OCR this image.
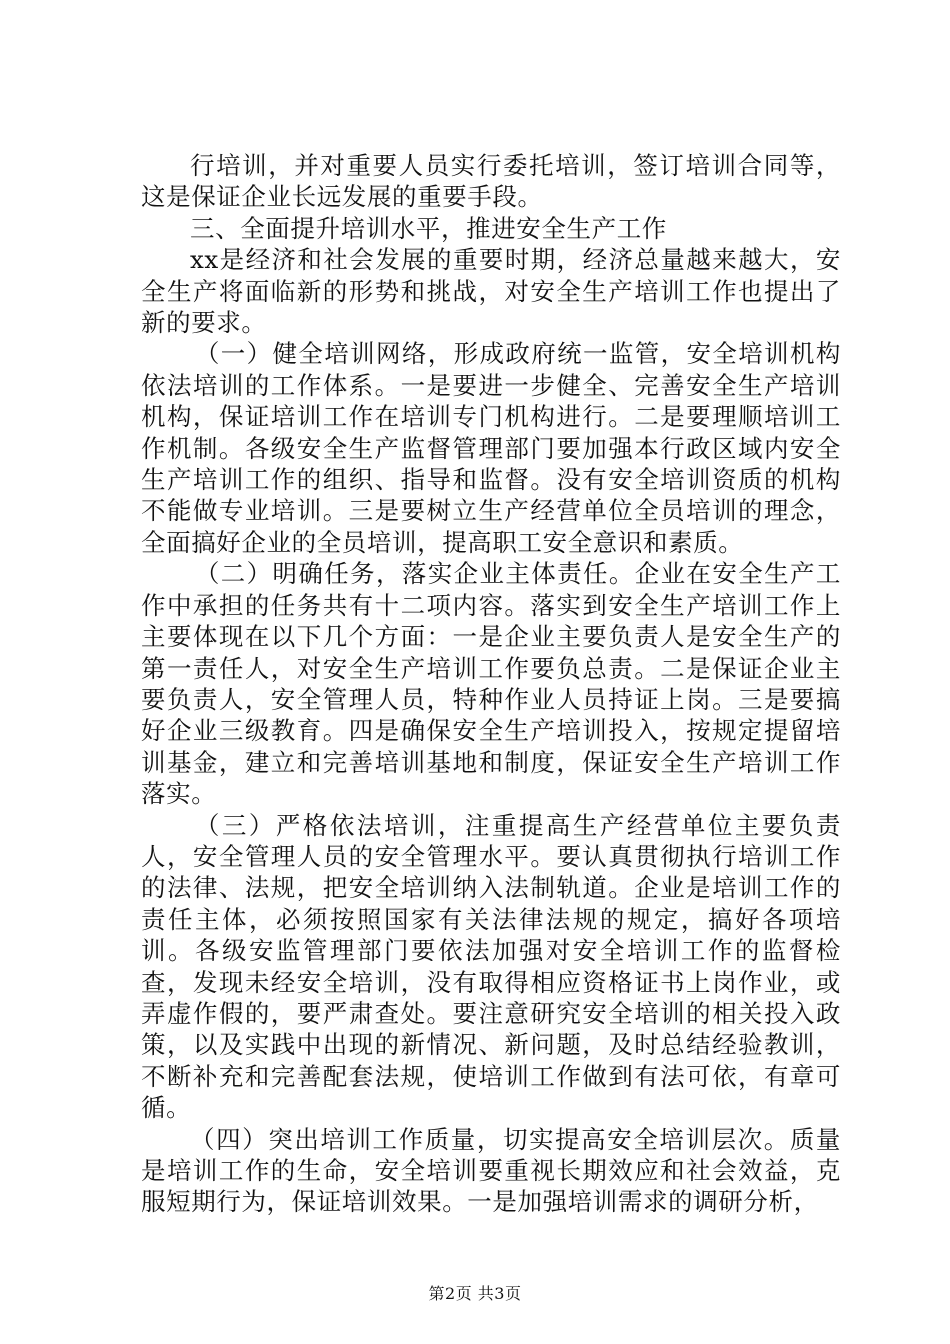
行培训，并对重要人员实行委托培训，签订培训合同等，这是保证企业长远发展的重要手段。

三、全面提升培训水平，推进安全生产工作

xx是经济和社会发展的重要时期，经济总量越来越大，安全生产将面临新的形势和挑战，对安全生产培训工作也提出了新的要求。

（一）健全培训网络，形成政府统一监管，安全培训机构依法培训的工作体系。一是要进一步健全、完善安全生产培训机构，保证培训工作在培训专门机构进行。二是要理顺培训工作机制。各级安全生产监督管理部门要加强本行政区域内安全生产培训工作的组织、指导和监督。没有安全培训资质的机构不能做专业培训。三是要树立生产经营单位全员培训的理念，全面搞好企业的全员培训，提高职工安全意识和素质。

（二）明确任务，落实企业主体责任。企业在安全生产工作中承担的任务共有十二项内容。落实到安全生产培训工作上主要体现在以下几个方面：一是企业主要负责人是安全生产的第一责任人，对安全生产培训工作要负总责。二是保证企业主要负责人，安全管理人员，特种作业人员持证上岗。三是要搞好企业三级教育。四是确保安全生产培训投入，按规定提留培训基金，建立和完善培训基地和制度，保证安全生产培训工作落实。

（三）严格依法培训，注重提高生产经营单位主要负责人，安全管理人员的安全管理水平。要认真贯彻执行培训工作的法律、法规，把安全培训纳入法制轨道。企业是培训工作的责任主体，必须按照国家有关法律法规的规定，搞好各项培训。各级安监管理部门要依法加强对安全培训工作的监督检查，发现未经安全培训，没有取得相应资格证书上岗作业，或弄虚作假的，要严肃查处。要注意研究安全培训的相关投入政策，以及实践中出现的新情况、新问题，及时总结经验教训，不断补充和完善配套法规，使培训工作做到有法可依，有章可循。

（四）突出培训工作质量，切实提高安全培训层次。质量是培训工作的生命，安全培训要重视长期效应和社会效益，克服短期行为，保证培训效果。一是加强培训需求的调研分析，

第2页 共3页
